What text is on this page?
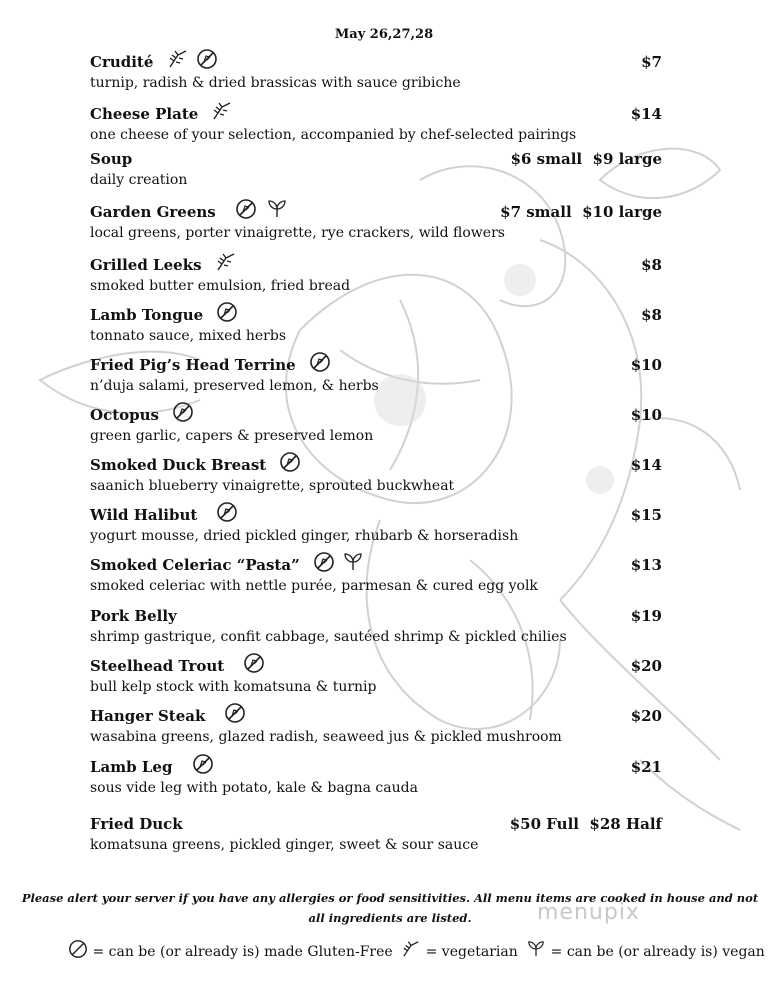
May 26,27,28
Crudité	$7
turnip, radish & dried brassicas with sauce gribiche
Cheese Plate	$14
one cheese of your selection, accompanied by chef-selected pairings
Soup	$6 small  $9 large
daily creation
Garden Greens	$7 small  $10 large
local greens, porter vinaigrette, rye crackers, wild flowers
Grilled Leeks	$8
smoked butter emulsion, fried bread
Lamb Tongue	$8
tonnato sauce, mixed herbs
Fried Pig’s Head Terrine	$10
n’duja salami, preserved lemon, & herbs
Octopus	$10
green garlic, capers & preserved lemon
Smoked Duck Breast	$14
saanich blueberry vinaigrette, sprouted buckwheat
Wild Halibut	$15
yogurt mousse, dried pickled ginger, rhubarb & horseradish
Smoked Celeriac “Pasta”	$13
smoked celeriac with nettle purée, parmesan & cured egg yolk
Pork Belly	$19
shrimp gastrique, confit cabbage, sautéed shrimp & pickled chilies
Steelhead Trout	$20
bull kelp stock with komatsuna & turnip
Hanger Steak	$20
wasabina greens, glazed radish, seaweed jus & pickled mushroom
Lamb Leg	$21
sous vide leg with potato, kale & bagna cauda
Fried Duck	$50 Full  $28 Half
komatsuna greens, pickled ginger, sweet & sour sauce
Please alert your server if you have any allergies or food sensitivities. All menu items are cooked in house and not all ingredients are listed.	menupix
= can be (or already is) made Gluten-Free = vegetarian = can be (or already is) vegan
